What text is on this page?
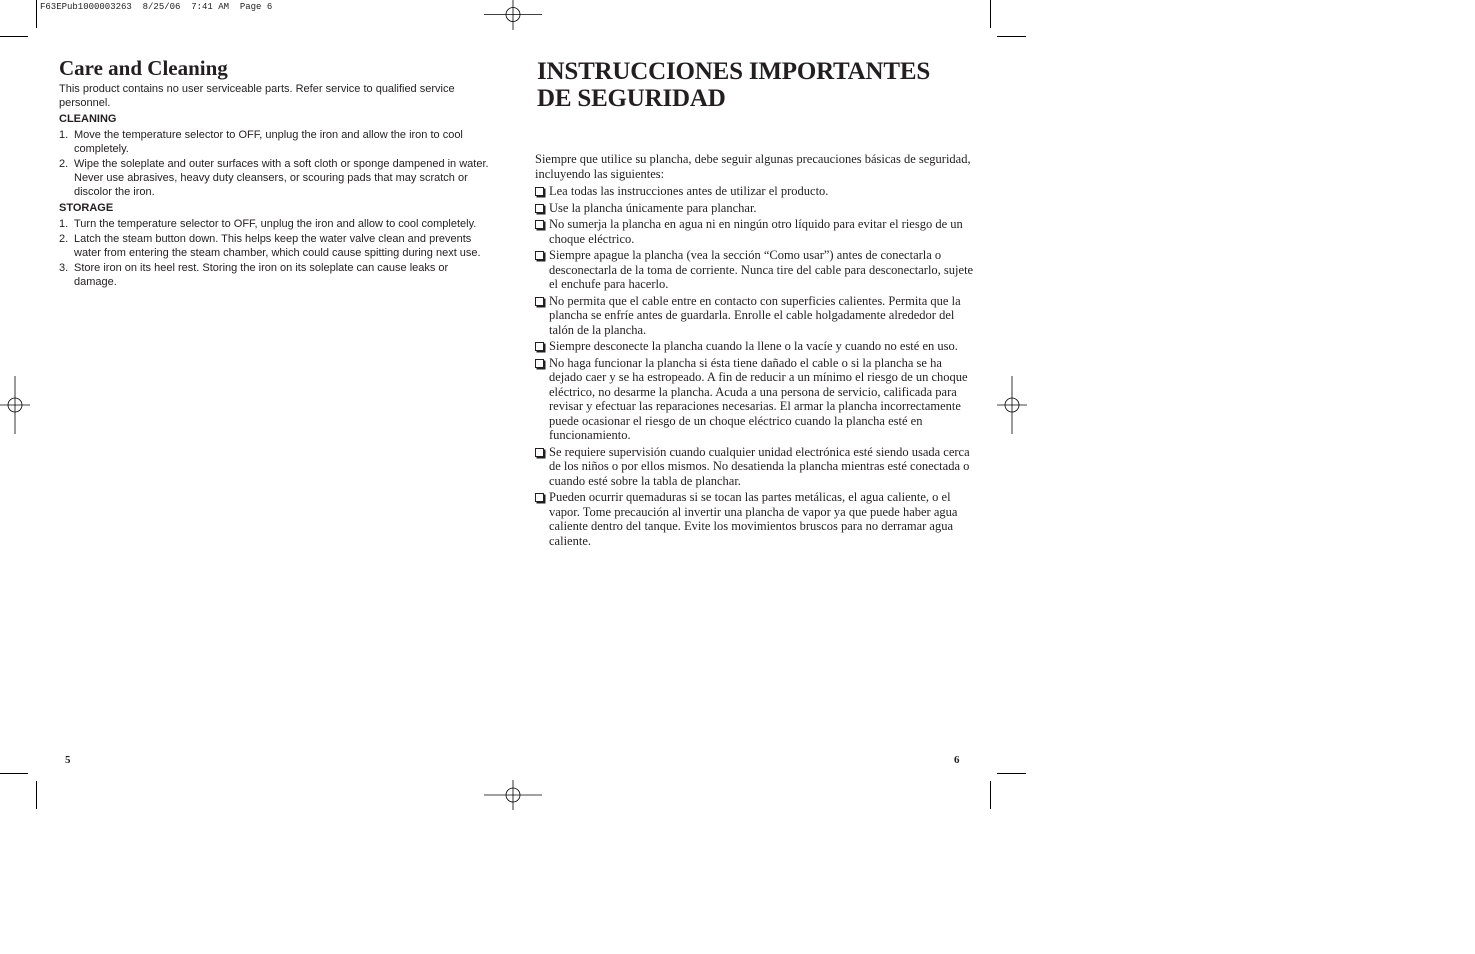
F63EPub1000003263  8/25/06  7:41 AM  Page 6
Care and Cleaning

This product contains no user serviceable parts. Refer service to qualified service personnel.

CLEANING
1. Move the temperature selector to OFF, unplug the iron and allow the iron to cool completely.
2. Wipe the soleplate and outer surfaces with a soft cloth or sponge dampened in water. Never use abrasives, heavy duty cleansers, or scouring pads that may scratch or discolor the iron.
STORAGE
1. Turn the temperature selector to OFF, unplug the iron and allow to cool completely.
2. Latch the steam button down. This helps keep the water valve clean and prevents water from entering the steam chamber, which could cause spitting during next use.
3. Store iron on its heel rest. Storing the iron on its soleplate can cause leaks or damage.
5
INSTRUCCIONES IMPORTANTES
DE SEGURIDAD

Siempre que utilice su plancha, debe seguir algunas precauciones básicas de seguridad, incluyendo las siguientes:

Lea todas las instrucciones antes de utilizar el producto.
Use la plancha únicamente para planchar.
No sumerja la plancha en agua ni en ningún otro líquido para evitar el riesgo de un choque eléctrico.
Siempre apague la plancha (vea la sección “Como usar”) antes de conectarla o desconectarla de la toma de corriente. Nunca tire del cable para desconectarlo, sujete el enchufe para hacerlo.
No permita que el cable entre en contacto con superficies calientes. Permita que la plancha se enfríe antes de guardarla. Enrolle el cable holgadamente alrededor del talón de la plancha.
Siempre desconecte la plancha cuando la llene o la vacíe y cuando no esté en uso.
No haga funcionar la plancha si ésta tiene dañado el cable o si la plancha se ha dejado caer y se ha estropeado. A fin de reducir a un mínimo el riesgo de un choque eléctrico, no desarme la plancha. Acuda a una persona de servicio, calificada para revisar y efectuar las reparaciones necesarias. El armar la plancha incorrectamente puede ocasionar el riesgo de un choque eléctrico cuando la plancha esté en funcionamiento.
Se requiere supervisión cuando cualquier unidad electrónica esté siendo usada cerca de los niños o por ellos mismos. No desatienda la plancha mientras esté conectada o cuando esté sobre la tabla de planchar.
Pueden ocurrir quemaduras si se tocan las partes metálicas, el agua caliente, o el vapor. Tome precaución al invertir una plancha de vapor ya que puede haber agua caliente dentro del tanque. Evite los movimientos bruscos para no derramar agua caliente.
6
